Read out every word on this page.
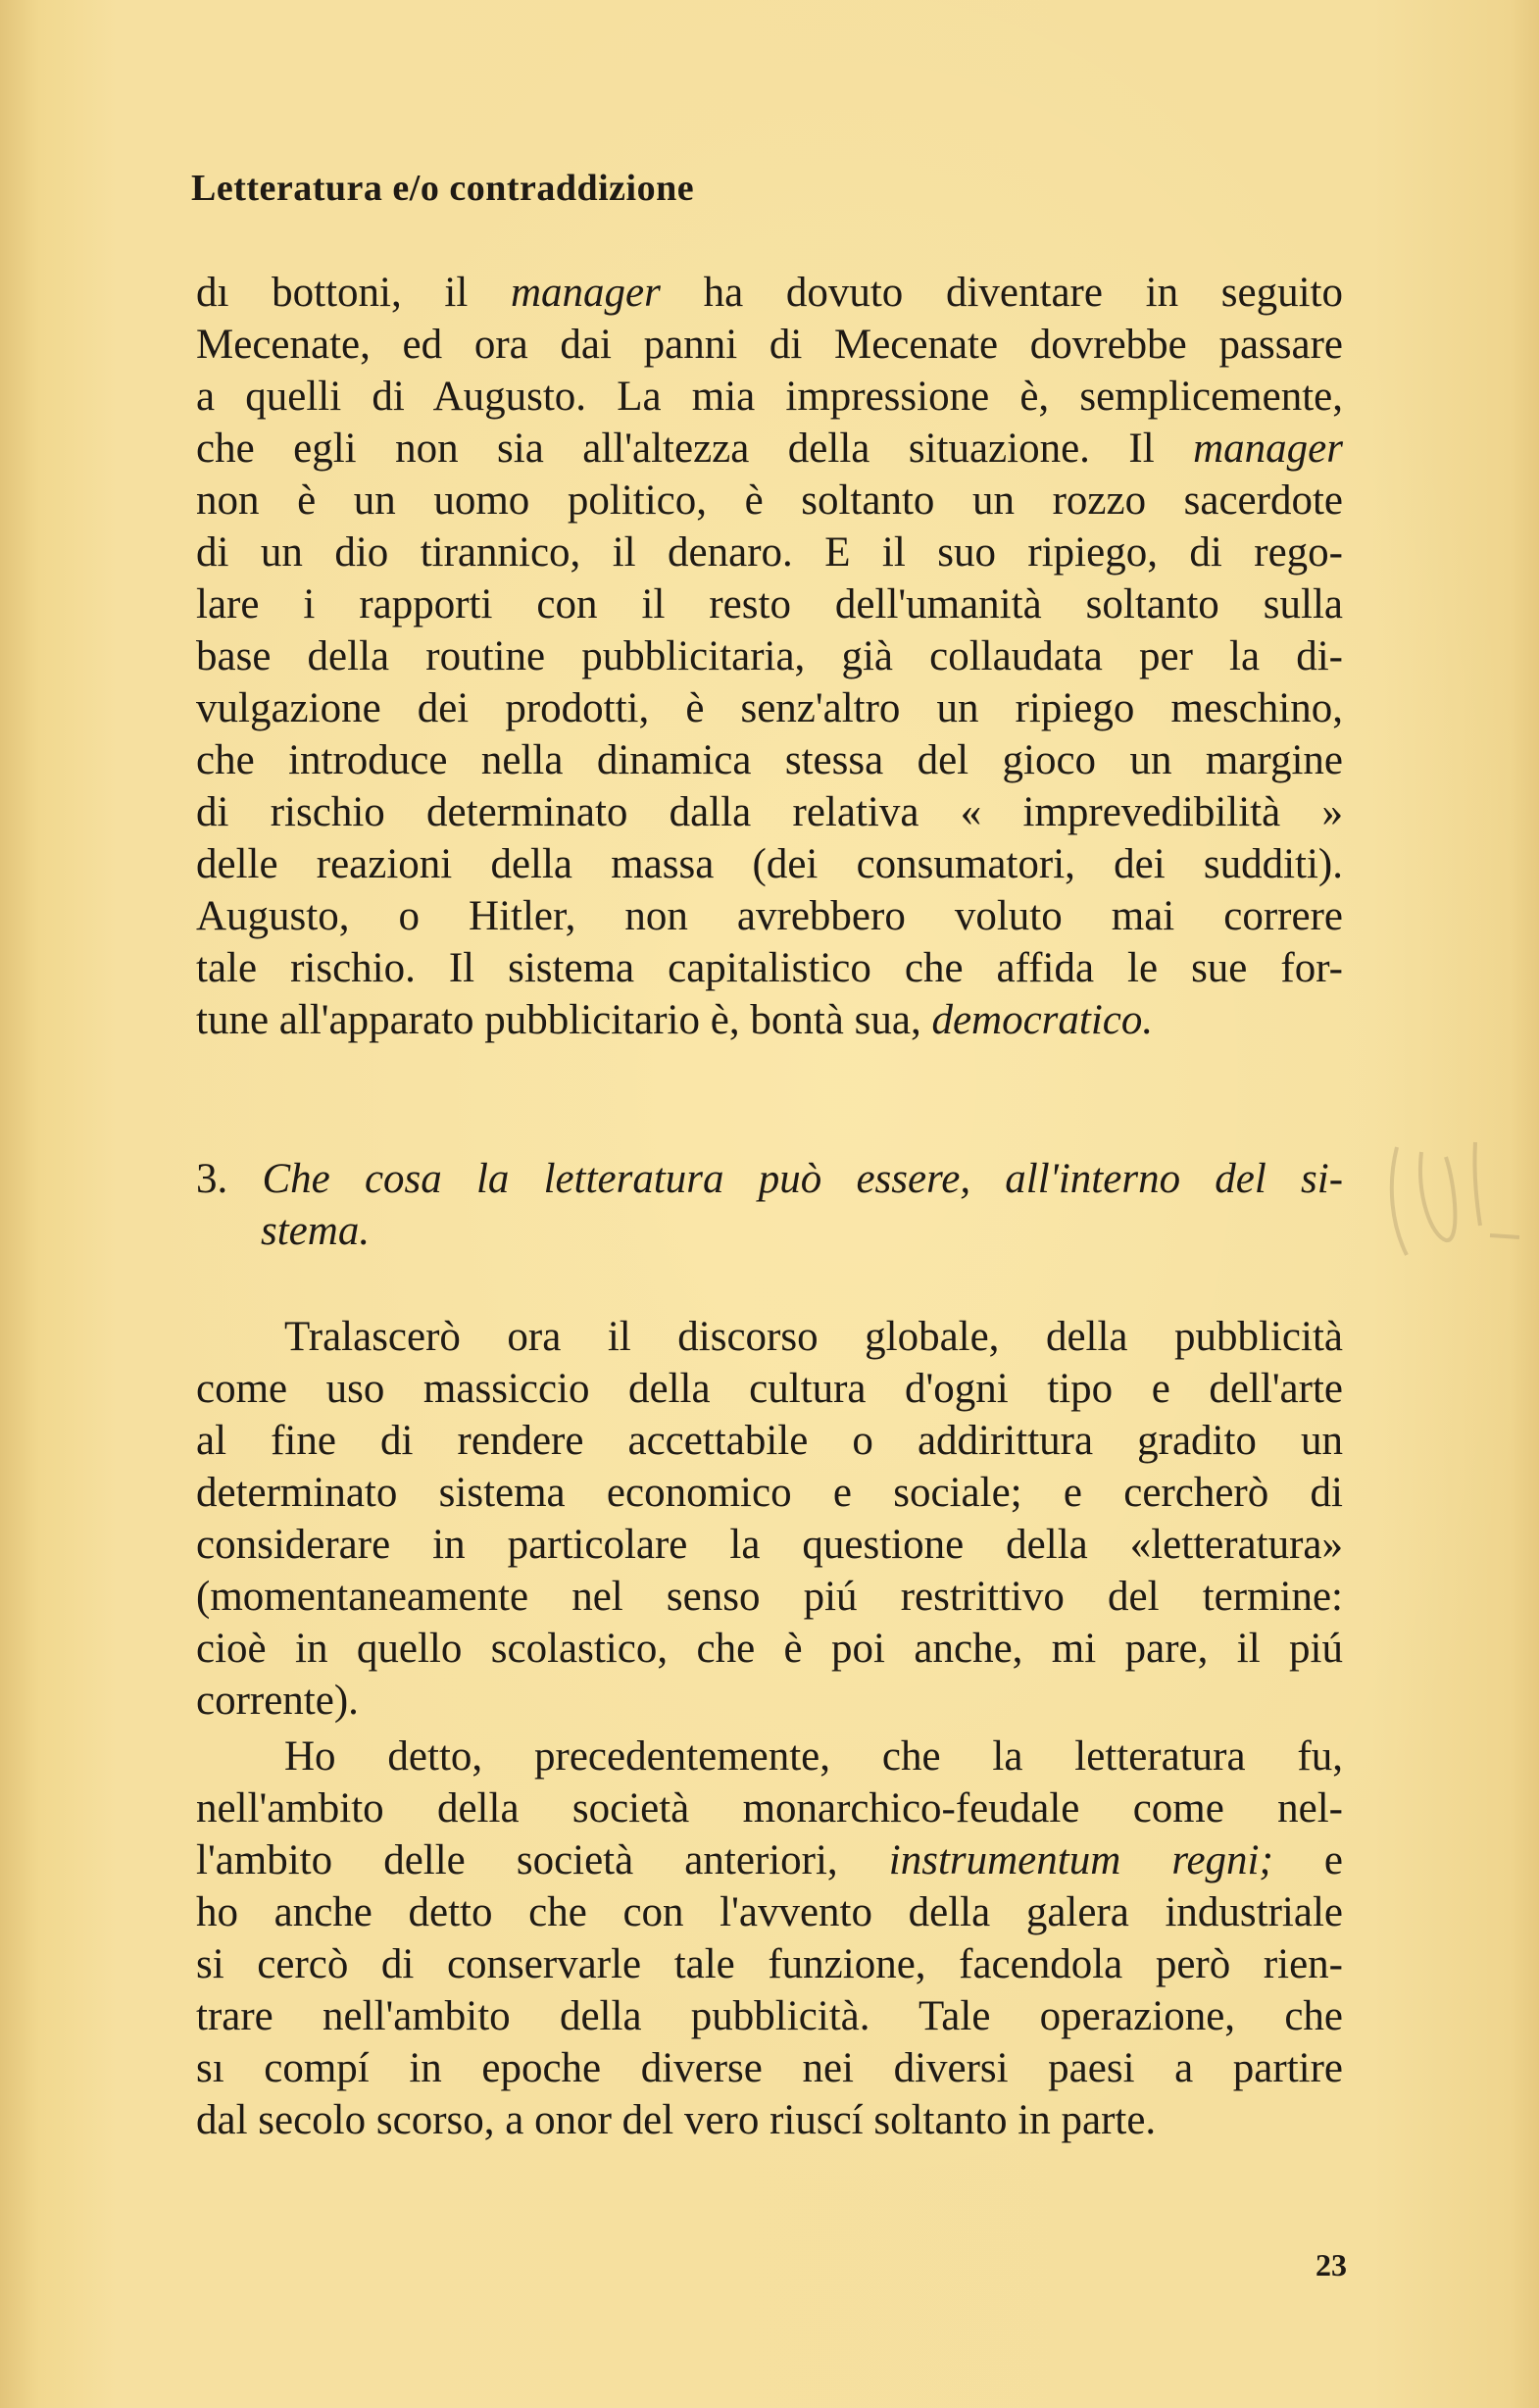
Letteratura e/o contraddizione
dı bottoni, il manager ha dovuto diventare in seguito
Mecenate, ed ora dai panni di Mecenate dovrebbe passare
a quelli di Augusto. La mia impressione è, semplicemente,
che egli non sia all'altezza della situazione. Il manager
non è un uomo politico, è soltanto un rozzo sacerdote
di un dio tirannico, il denaro. E il suo ripiego, di rego-
lare i rapporti con il resto dell'umanità soltanto sulla
base della routine pubblicitaria, già collaudata per la di-
vulgazione dei prodotti, è senz'altro un ripiego meschino,
che introduce nella dinamica stessa del gioco un margine
di rischio determinato dalla relativa « imprevedibilità »
delle reazioni della massa (dei consumatori, dei sudditi).
Augusto, o Hitler, non avrebbero voluto mai correre
tale rischio. Il sistema capitalistico che affida le sue for-
tune all'apparato pubblicitario è, bontà sua, democratico.
3. Che cosa la letteratura può essere, all'interno del si-
stema.
Tralascerò ora il discorso globale, della pubblicità
come uso massiccio della cultura d'ogni tipo e dell'arte
al fine di rendere accettabile o addirittura gradito un
determinato sistema economico e sociale; e cercherò di
considerare in particolare la questione della «letteratura»
(momentaneamente nel senso piú restrittivo del termine:
cioè in quello scolastico, che è poi anche, mi pare, il piú
corrente).
Ho detto, precedentemente, che la letteratura fu,
nell'ambito della società monarchico-feudale come nel-
l'ambito delle società anteriori, instrumentum regni; e
ho anche detto che con l'avvento della galera industriale
si cercò di conservarle tale funzione, facendola però rien-
trare nell'ambito della pubblicità. Tale operazione, che
sı compí in epoche diverse nei diversi paesi a partire
dal secolo scorso, a onor del vero riuscí soltanto in parte.
23
